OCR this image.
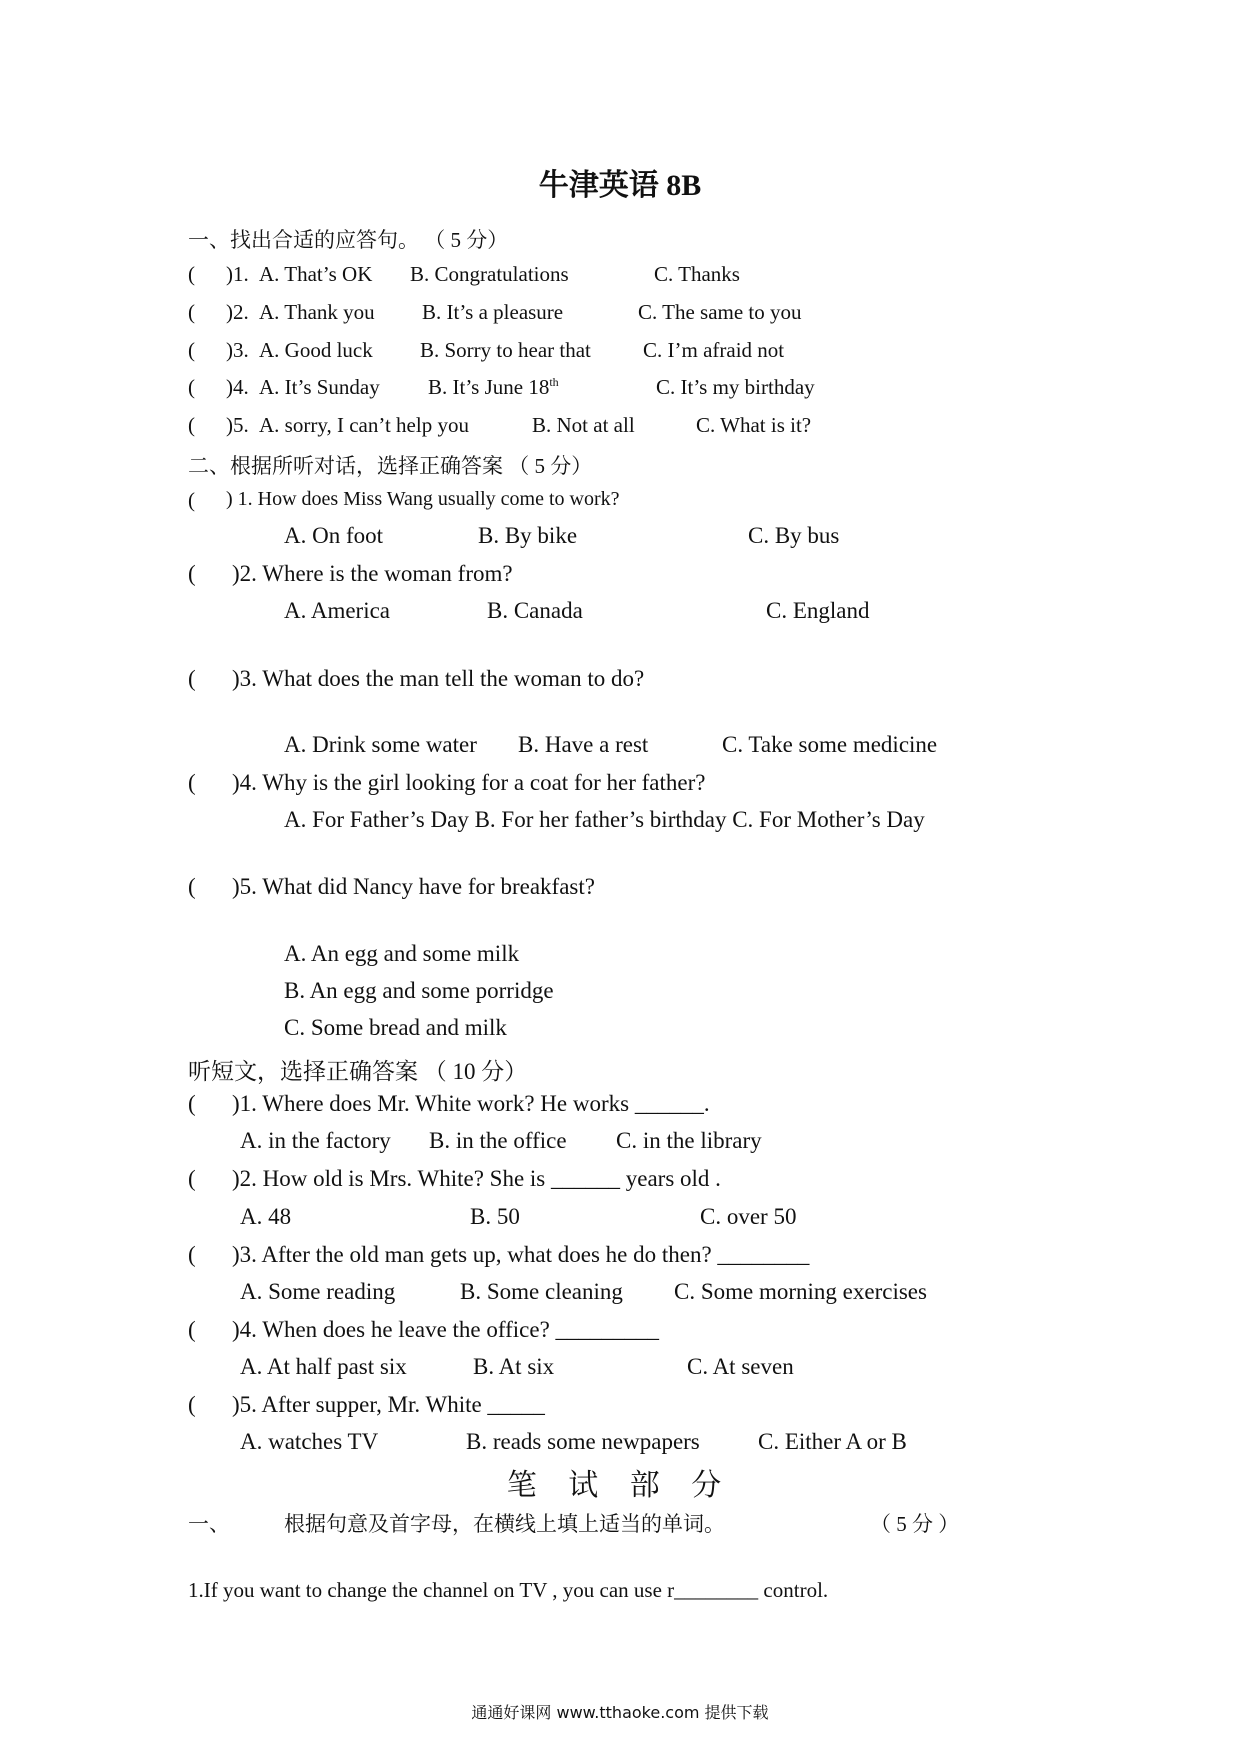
牛津英语 8B
一、找出合适的应答句。 （ 5 分）
( )1. A. That’s OK B. Congratulations	C. Thanks
( )2. A. Thank you B. It’s a pleasure	C. The same to you
( )3. A. Good luck B. Sorry to hear that C. I’m afraid not
( )4. A. It’s Sunday B. It’s June 18th	C. It’s my birthday
( )5. A. sorry, I can’t help you	B. Not at all	C. What is it?
二、根据所听对话，选择正确答案 （ 5 分）
( ) 1. How does Miss Wang usually come to work?
A. On foot	B. By bike	C. By bus
( )2. Where is the woman from?
A. America	B. Canada	C. England
( )3. What does the man tell the woman to do?
A. Drink some water B. Have a rest	C. Take some medicine
( )4. Why is the girl looking for a coat for her father?
A. For Father’s Day B. For her father’s birthday C. For Mother’s Day
( )5. What did Nancy have for breakfast?
A. An egg and some milk
B. An egg and some porridge
C. Some bread and milk
听短文，选择正确答案 （ 10 分）
( )1. Where does Mr. White work? He works ______.
A. in the factory B. in the office C. in the library
( )2. How old is Mrs. White? She is ______ years old .
A. 48	B. 50	C. over 50
( )3. After the old man gets up, what does he do then? ________
A. Some reading	B. Some cleaning C. Some morning exercises
( )4. When does he leave the office? _________
A. At half past six	B. At six	C. At seven
( )5. After supper, Mr. White _____
A. watches TV	B. reads some newpapers	C. Either A or B
笔 试 部 分
一、	根据句意及首字母，在横线上填上适当的单词。	（ 5 分 ）
1.If you want to change the channel on TV , you can use r________ control.
通通好课网 www.tthaoke.com 提供下载
